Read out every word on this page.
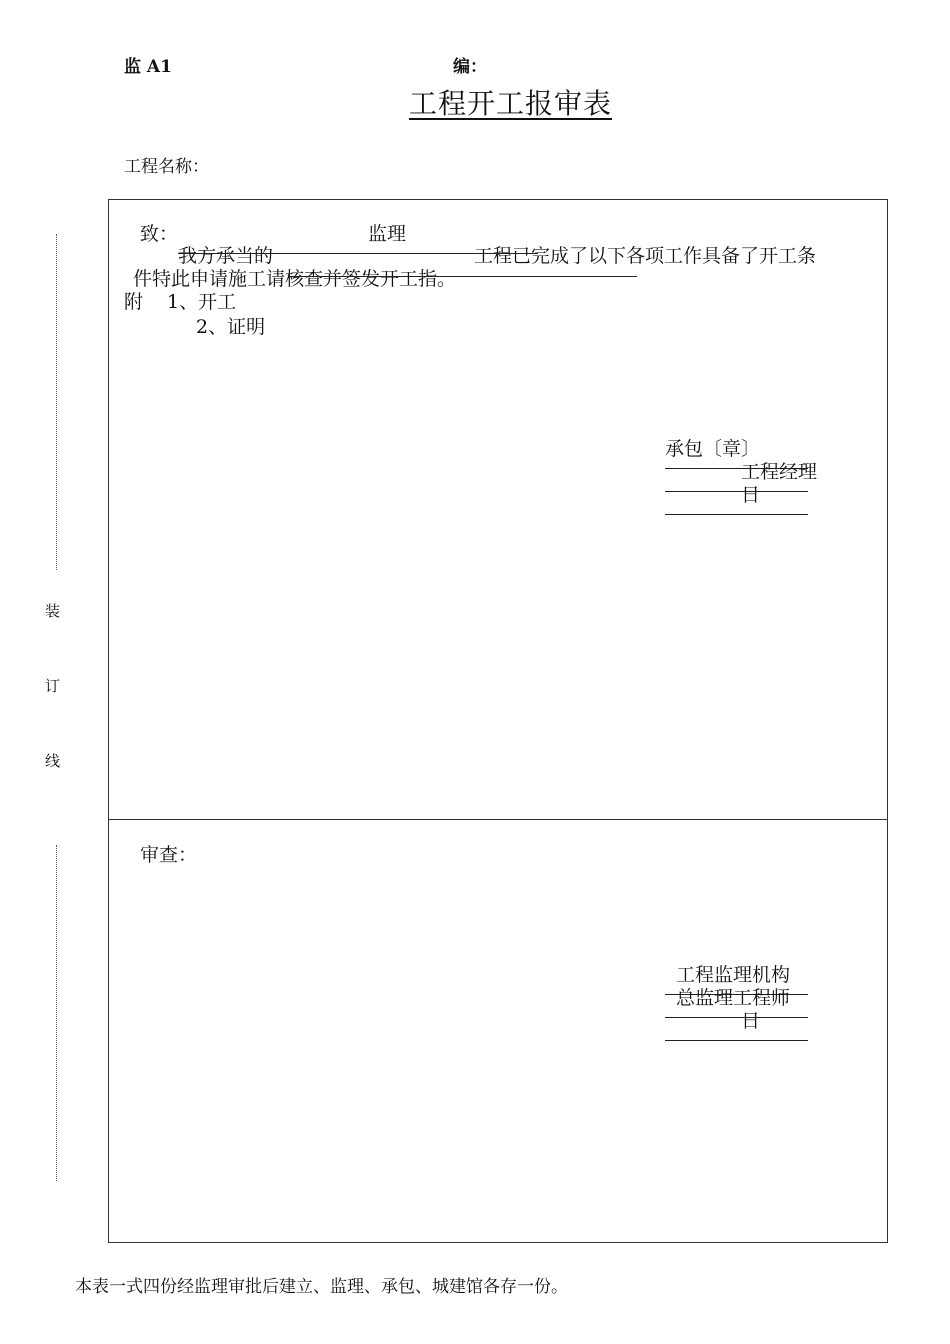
监 A1	编：
工程开工报审表
工程名称：
装
订
线
致：	监理
我方承当的	工程已完成了以下各项工作具备了开工条
件特此申请施工请核查并签发开工指。
附 1、开工
2、证明
承包〔章〕
工程经理
日
审查：
工程监理机构
总监理工程师
日
本表一式四份经监理审批后建立、监理、承包、城建馆各存一份。
